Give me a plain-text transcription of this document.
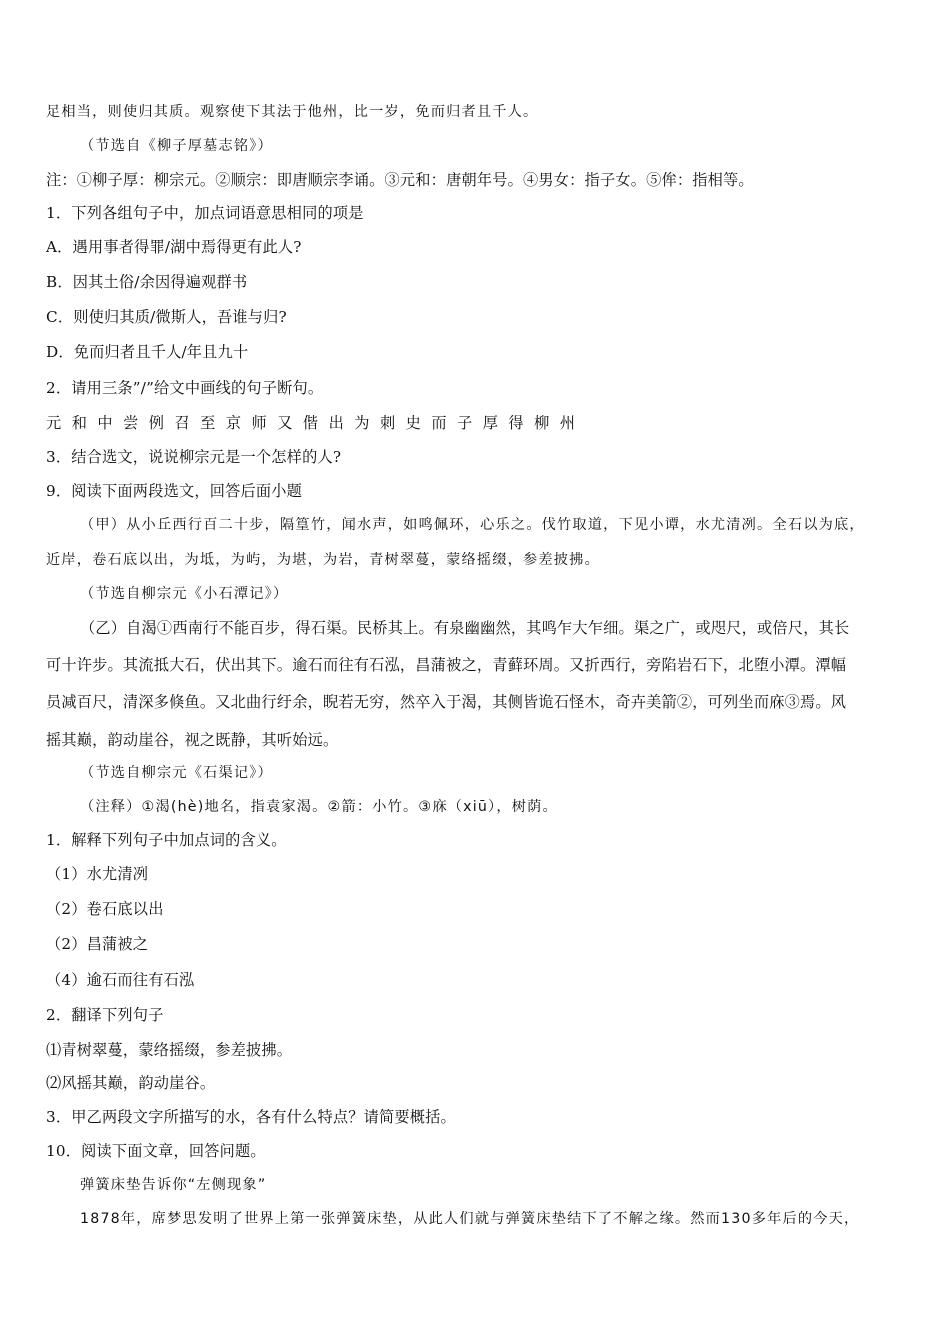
足相当，则使归其质。观察使下其法于他州，比一岁，免而归者且千人。
（节选自《柳子厚墓志铭》）
注：①柳子厚：柳宗元。②顺宗：即唐顺宗李诵。③元和：唐朝年号。④男女：指子女。⑤侔：指相等。
1．下列各组句子中，加点词语意思相同的项是
A．遇用事者得罪/湖中焉得更有此人?
B．因其土俗/余因得遍观群书
C．则使归其质/微斯人，吾谁与归?
D．免而归者且千人/年且九十
2．请用三条”/”给文中画线的句子断句。
元和中尝例召至京师又偕出为刺史而子厚得柳州
3．结合选文，说说柳宗元是一个怎样的人?
9．阅读下面两段选文，回答后面小题
（甲）从小丘西行百二十步，隔篁竹，闻水声，如鸣佩环，心乐之。伐竹取道，下见小谭，水尤清冽。全石以为底，
近岸，卷石底以出，为坻，为屿，为堪，为岩，青树翠蔓，蒙络摇缀，参差披拂。
（节选自柳宗元《小石潭记》）
（乙）自渴①西南行不能百步，得石渠。民桥其上。有泉幽幽然，其鸣乍大乍细。渠之广，或咫尺，或倍尺，其长
可十许步。其流抵大石，伏出其下。逾石而往有石泓，昌蒲被之，青藓环周。又折西行，旁陷岩石下，北堕小潭。潭幅
员减百尺，清深多倏鱼。又北曲行纡余，睨若无穷，然卒入于渴，其侧皆诡石怪木，奇卉美箭②，可列坐而庥③焉。风
摇其巅，韵动崖谷，视之既静，其听始远。
（节选自柳宗元《石渠记》）
（注释）①渴(hè)地名，指袁家渴。②箭：小竹。③庥（xiū），树荫。
1．解释下列句子中加点词的含义。
（1）水尤清冽
（2）卷石底以出
（2）昌蒲被之
（4）逾石而往有石泓
2．翻译下列句子
⑴青树翠蔓，蒙络摇缀，参差披拂。
⑵风摇其巅，韵动崖谷。
3．甲乙两段文字所描写的水，各有什么特点？请简要概括。
10．阅读下面文章，回答问题。
弹簧床垫告诉你“左侧现象”
1878年，席梦思发明了世界上第一张弹簧床垫，从此人们就与弹簧床垫结下了不解之缘。然而130多年后的今天，
